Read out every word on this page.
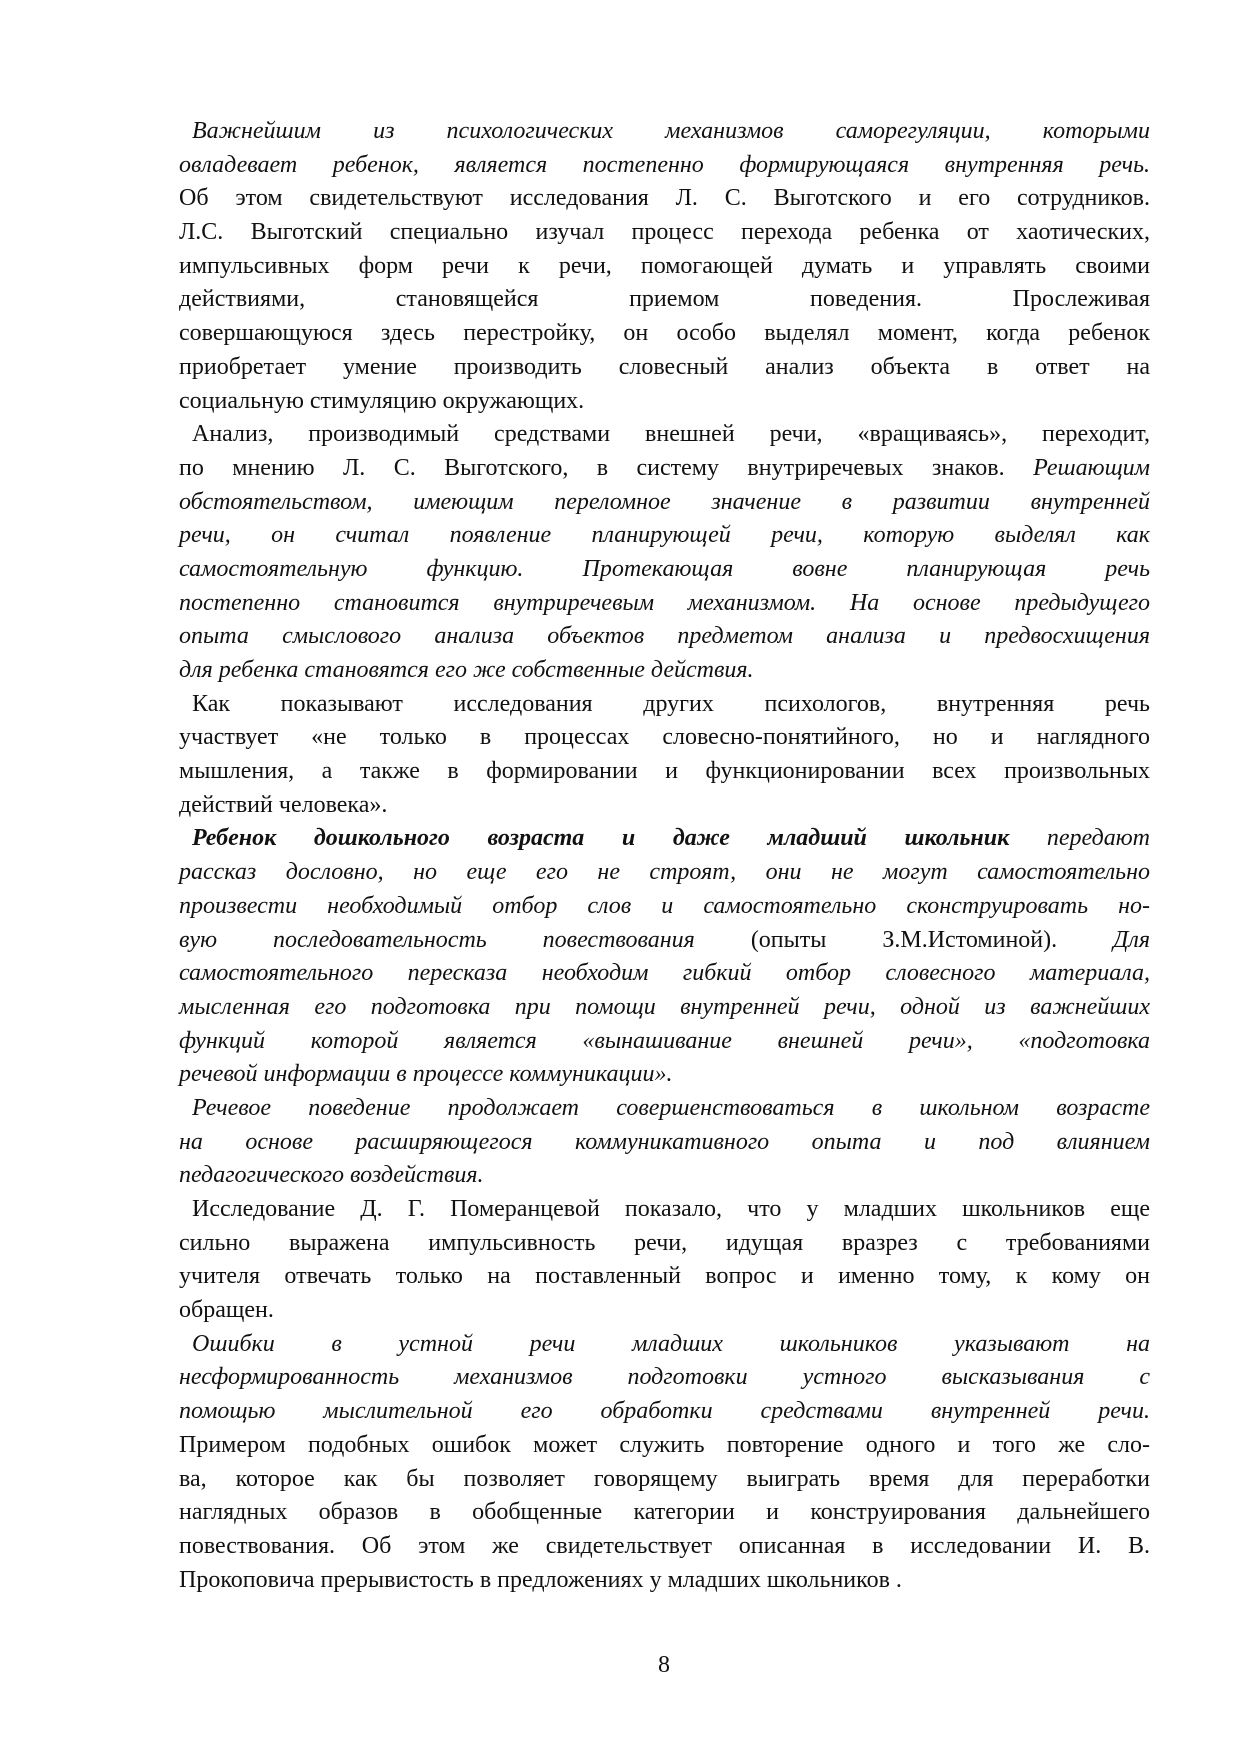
Важнейшим из психологических механизмов саморегуляции, которыми
овладевает ребенок, является постепенно формирующаяся внутренняя речь.
Об этом свидетельствуют исследования Л. С. Выготского и его сотрудников.
Л.С. Выготский специально изучал процесс перехода ребенка от хаотических,
импульсивных форм речи к речи, помогающей думать и управлять своими
действиями, становящейся приемом поведения. Прослеживая
совершающуюся здесь перестройку, он особо выделял момент, когда ребенок
приобретает умение производить словесный анализ объекта в ответ на
социальную стимуляцию окружающих.
Анализ, производимый средствами внешней речи, «вращиваясь», переходит,
по мнению Л. С. Выготского, в систему внутриречевых знаков. Решающим
обстоятельством, имеющим переломное значение в развитии внутренней
речи, он считал появление планирующей речи, которую выделял как
самостоятельную функцию. Протекающая вовне планирующая речь
постепенно становится внутриречевым механизмом. На основе предыдущего
опыта смыслового анализа объектов предметом анализа и предвосхищения
для ребенка становятся его же собственные действия.
Как показывают исследования других психологов, внутренняя речь
участвует «не только в процессах словесно-понятийного, но и наглядного
мышления, а также в формировании и функционировании всех произвольных
действий человека».
Ребенок дошкольного возраста и даже младший школьник передают
рассказ дословно, но еще его не строят, они не могут самостоятельно
произвести необходимый отбор слов и самостоятельно сконструировать но-
вую последовательность повествования (опыты З.М.Истоминой). Для
самостоятельного пересказа необходим гибкий отбор словесного материала,
мысленная его подготовка при помощи внутренней речи, одной из важнейших
функций которой является «вынашивание внешней речи», «подготовка
речевой информации в процессе коммуникации».
Речевое поведение продолжает совершенствоваться в школьном возрасте
на основе расширяющегося коммуникативного опыта и под влиянием
педагогического воздействия.
Исследование Д. Г. Померанцевой показало, что у младших школьников еще
сильно выражена импульсивность речи, идущая вразрез с требованиями
учителя отвечать только на поставленный вопрос и именно тому, к кому он
обращен.
Ошибки в устной речи младших школьников указывают на
несформированность механизмов подготовки устного высказывания с
помощью мыслительной его обработки средствами внутренней речи.
Примером подобных ошибок может служить повторение одного и того же сло-
ва, которое как бы позволяет говорящему выиграть время для переработки
наглядных образов в обобщенные категории и конструирования дальнейшего
повествования. Об этом же свидетельствует описанная в исследовании И. В.
Прокоповича прерывистость в предложениях у младших школьников .
8
